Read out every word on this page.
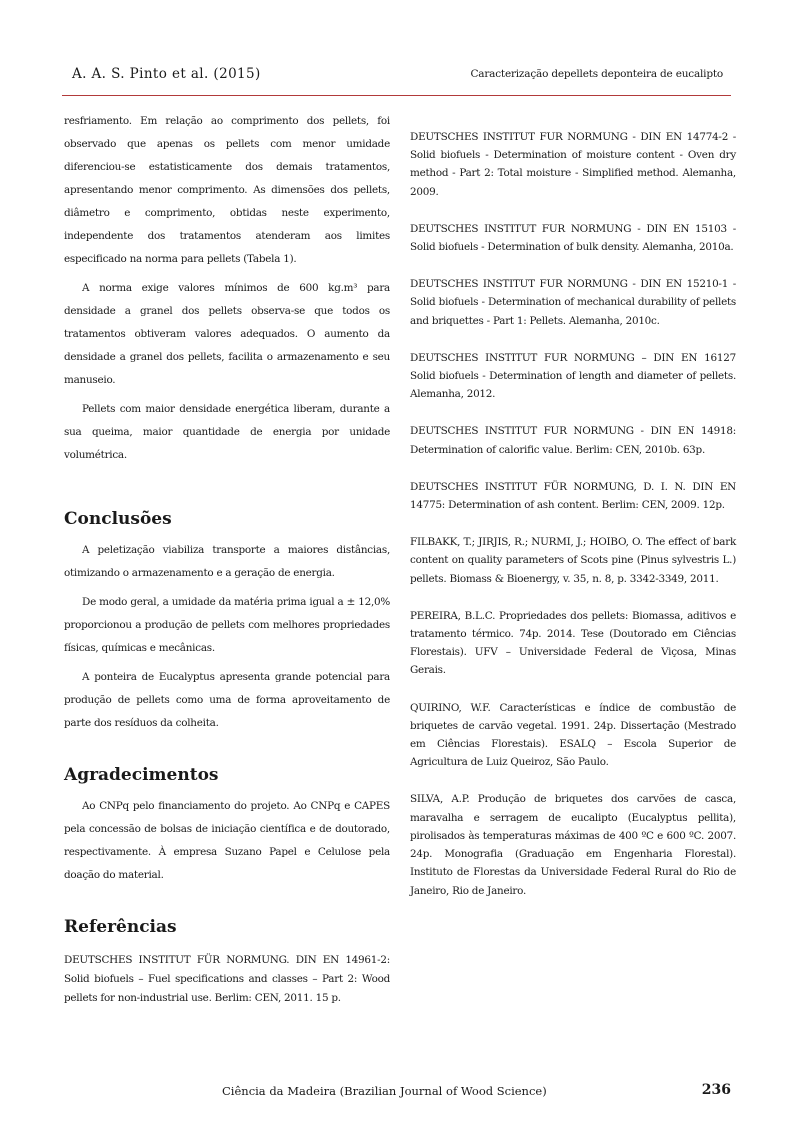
A. A. S. Pinto et al. (2015)	Caracterização depellets deponteira de eucalipto

resfriamento. Em relação ao comprimento dos pellets, foi observado que apenas os pellets com menor umidade diferenciou-se estatisticamente dos demais tratamentos, apresentando menor comprimento. As dimensões dos pellets, diâmetro e comprimento, obtidas neste experimento, independente dos tratamentos atenderam aos limites especificado na norma para pellets (Tabela 1).

A norma exige valores mínimos de 600 kg.m³ para densidade a granel dos pellets observa-se que todos os tratamentos obtiveram valores adequados. O aumento da densidade a granel dos pellets, facilita o armazenamento e seu manuseio.

Pellets com maior densidade energética liberam, durante a sua queima, maior quantidade de energia por unidade volumétrica.

Conclusões

A peletização viabiliza transporte a maiores distâncias, otimizando o armazenamento e a geração de energia.

De modo geral, a umidade da matéria prima igual a ± 12,0% proporcionou a produção de pellets com melhores propriedades físicas, químicas e mecânicas.

A ponteira de Eucalyptus apresenta grande potencial para produção de pellets como uma de forma aproveitamento de parte dos resíduos da colheita.

Agradecimentos

Ao CNPq pelo financiamento do projeto. Ao CNPq e CAPES pela concessão de bolsas de iniciação científica e de doutorado, respectivamente. À empresa Suzano Papel e Celulose pela doação do material.

Referências

DEUTSCHES INSTITUT FÜR NORMUNG. DIN EN 14961-2: Solid biofuels – Fuel specifications and classes – Part 2: Wood pellets for non-industrial use. Berlim: CEN, 2011. 15 p.

DEUTSCHES INSTITUT FUR NORMUNG - DIN EN 14774-2 - Solid biofuels - Determination of moisture content - Oven dry method - Part 2: Total moisture - Simplified method. Alemanha, 2009.

DEUTSCHES INSTITUT FUR NORMUNG - DIN EN 15103 - Solid biofuels - Determination of bulk density. Alemanha, 2010a.

DEUTSCHES INSTITUT FUR NORMUNG - DIN EN 15210-1 - Solid biofuels - Determination of mechanical durability of pellets and briquettes - Part 1: Pellets. Alemanha, 2010c.

DEUTSCHES INSTITUT FUR NORMUNG – DIN EN 16127 Solid biofuels - Determination of length and diameter of pellets. Alemanha, 2012.

DEUTSCHES INSTITUT FUR NORMUNG - DIN EN 14918: Determination of calorific value. Berlim: CEN, 2010b. 63p.

DEUTSCHES INSTITUT FÜR NORMUNG, D. I. N. DIN EN 14775: Determination of ash content. Berlim: CEN, 2009. 12p.

FILBAKK, T.; JIRJIS, R.; NURMI, J.; HOIBO, O. The effect of bark content on quality parameters of Scots pine (Pinus sylvestris L.) pellets. Biomass & Bioenergy, v. 35, n. 8, p. 3342-3349, 2011.

PEREIRA, B.L.C. Propriedades dos pellets: Biomassa, aditivos e tratamento térmico. 74p. 2014. Tese (Doutorado em Ciências Florestais). UFV – Universidade Federal de Viçosa, Minas Gerais.

QUIRINO, W.F. Características e índice de combustão de briquetes de carvão vegetal. 1991. 24p. Dissertação (Mestrado em Ciências Florestais). ESALQ – Escola Superior de Agricultura de Luiz Queiroz, São Paulo.

SILVA, A.P. Produção de briquetes dos carvões de casca, maravalha e serragem de eucalipto (Eucalyptus pellita), pirolisados às temperaturas máximas de 400 ºC e 600 ºC. 2007. 24p. Monografia (Graduação em Engenharia Florestal). Instituto de Florestas da Universidade Federal Rural do Rio de Janeiro, Rio de Janeiro.

Ciência da Madeira (Brazilian Journal of Wood Science)	236
